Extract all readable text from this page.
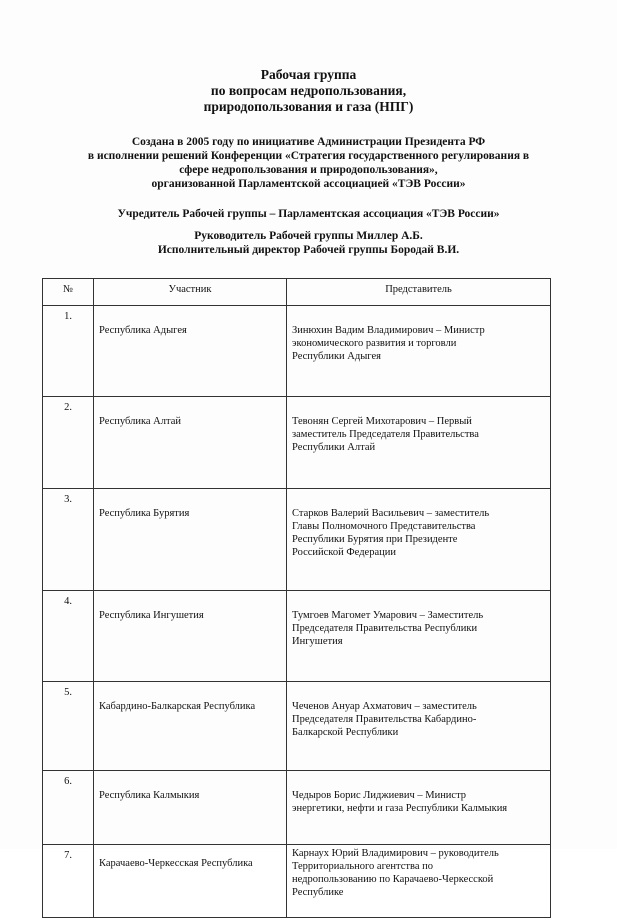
Рабочая группа
по вопросам недропользования,
природопользования и газа (НПГ)
Создана в 2005 году по инициативе Администрации Президента РФ
в исполнении решений Конференции «Стратегия государственного регулирования в
сфере недропользования и природопользования»,
организованной Парламентской ассоциацией «ТЭВ России»
Учредитель Рабочей группы – Парламентская ассоциация «ТЭВ России»
Руководитель Рабочей группы Миллер А.Б.
Исполнительный директор Рабочей группы Бородай В.И.
№	Участник	Представитель
1.	Республика Адыгея	Зинюхин Вадим Владимирович – Министр
экономического развития и торговли
Республики Адыгея

2.	Республика Алтай	Тевонян Сергей Михотарович – Первый
заместитель Председателя Правительства
Республики Алтай

3.	Республика Бурятия	Старков Валерий Васильевич – заместитель
Главы Полномочного Представительства
Республики Бурятия при Президенте
Российской Федерации

4.	Республика Ингушетия	Тумгоев Магомет Умарович – Заместитель
Председателя Правительства Республики
Ингушетия

5.	Кабардино-Балкарская Республика	Чеченов Ануар Ахматович – заместитель
Председателя Правительства Кабардино-
Балкарской Республики

6.	Республика Калмыкия	Чедыров Борис Лиджиевич – Министр
энергетики, нефти и газа Республики Калмыкия

7.	Карачаево-Черкесская Республика	Карнаух Юрий Владимирович – руководитель
Территориального агентства по
недропользованию по Карачаево-Черкесской
Республике
